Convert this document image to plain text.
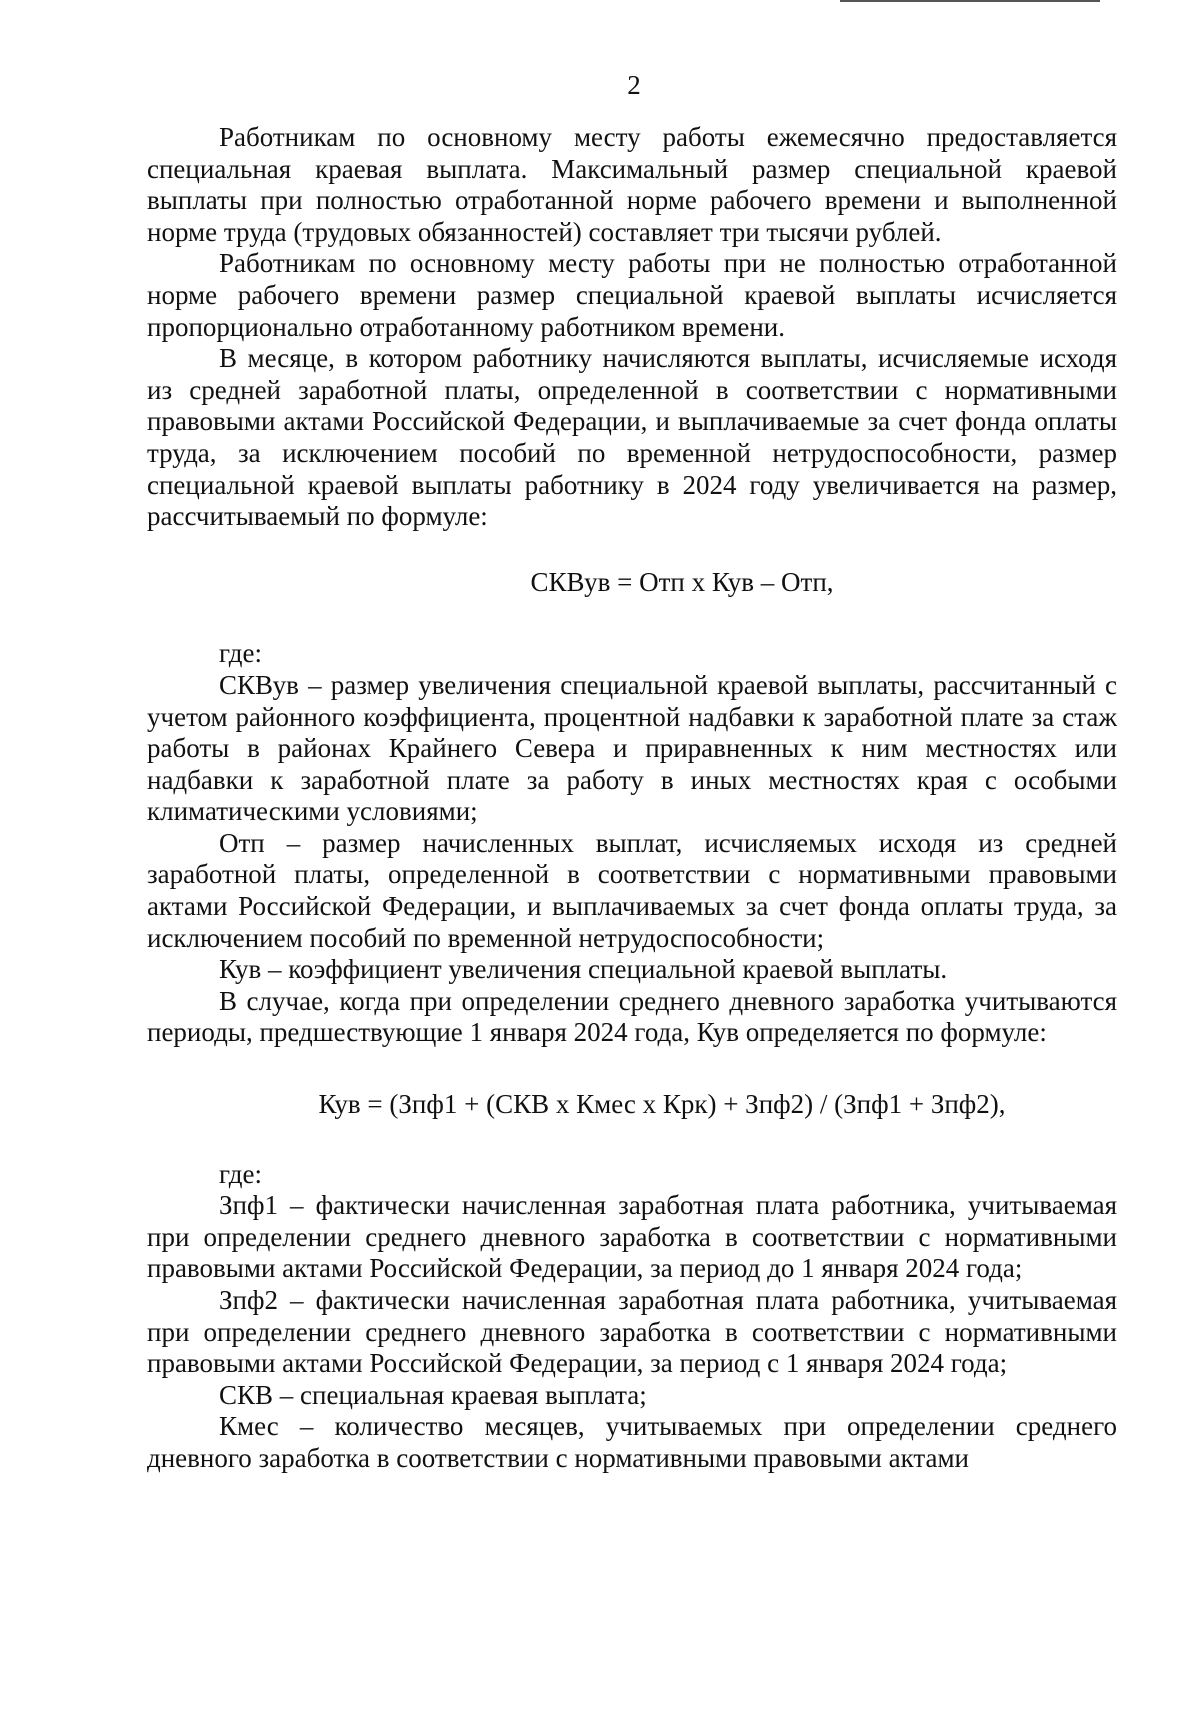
2

Работникам по основному месту работы ежемесячно предоставляется специальная краевая выплата. Максимальный размер специальной краевой выплаты при полностью отработанной норме рабочего времени и выполненной норме труда (трудовых обязанностей) составляет три тысячи рублей.

Работникам по основному месту работы при не полностью отработанной норме рабочего времени размер специальной краевой выплаты исчисляется пропорционально отработанному работником времени.

В месяце, в котором работнику начисляются выплаты, исчисляемые исходя из средней заработной платы, определенной в соответствии с нормативными правовыми актами Российской Федерации, и выплачиваемые за счет фонда оплаты труда, за исключением пособий по временной нетрудоспособности, размер специальной краевой выплаты работнику в 2024 году увеличивается на размер, рассчитываемый по формуле:

СКВув = Отп х Кув – Отп,

где:

СКВув – размер увеличения специальной краевой выплаты, рассчитанный с учетом районного коэффициента, процентной надбавки к заработной плате за стаж работы в районах Крайнего Севера и приравненных к ним местностях или надбавки к заработной плате за работу в иных местностях края с особыми климатическими условиями;

Отп – размер начисленных выплат, исчисляемых исходя из средней заработной платы, определенной в соответствии с нормативными правовыми актами Российской Федерации, и выплачиваемых за счет фонда оплаты труда, за исключением пособий по временной нетрудоспособности;

Кув – коэффициент увеличения специальной краевой выплаты.

В случае, когда при определении среднего дневного заработка учитываются периоды, предшествующие 1 января 2024 года, Кув определяется по формуле:

Кув = (Зпф1 + (СКВ х Кмес х Крк) + Зпф2) / (Зпф1 + Зпф2),

где:

Зпф1 – фактически начисленная заработная плата работника, учитываемая при определении среднего дневного заработка в соответствии с нормативными правовыми актами Российской Федерации, за период до 1 января 2024 года;

Зпф2 – фактически начисленная заработная плата работника, учитываемая при определении среднего дневного заработка в соответствии с нормативными правовыми актами Российской Федерации, за период с 1 января 2024 года;

СКВ – специальная краевая выплата;

Кмес – количество месяцев, учитываемых при определении среднего дневного заработка в соответствии с нормативными правовыми актами
